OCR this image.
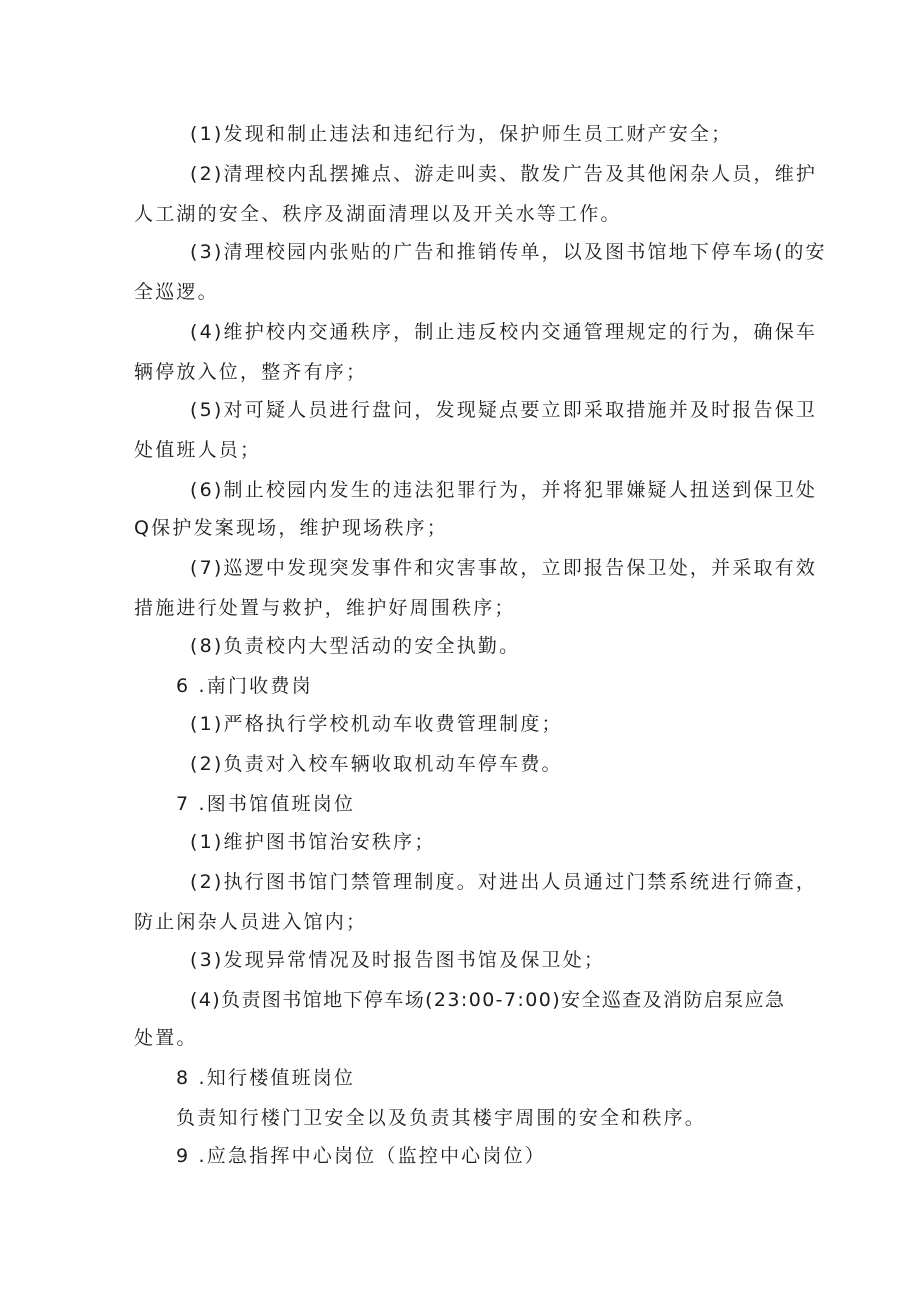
(1)发现和制止违法和违纪行为，保护师生员工财产安全；
(2)清理校内乱摆摊点、游走叫卖、散发广告及其他闲杂人员，维护
人工湖的安全、秩序及湖面清理以及开关水等工作。
(3)清理校园内张贴的广告和推销传单，以及图书馆地下停车场(的安
全巡逻。
(4)维护校内交通秩序，制止违反校内交通管理规定的行为，确保车
辆停放入位，整齐有序；
(5)对可疑人员进行盘问，发现疑点要立即采取措施并及时报告保卫
处值班人员；
(6)制止校园内发生的违法犯罪行为，并将犯罪嫌疑人扭送到保卫处
Q保护发案现场，维护现场秩序；
(7)巡逻中发现突发事件和灾害事故，立即报告保卫处，并采取有效
措施进行处置与救护，维护好周围秩序；
(8)负责校内大型活动的安全执勤。
6 .南门收费岗
(1)严格执行学校机动车收费管理制度；
(2)负责对入校车辆收取机动车停车费。
7 .图书馆值班岗位
(1)维护图书馆治安秩序；
(2)执行图书馆门禁管理制度。对进出人员通过门禁系统进行筛查，
防止闲杂人员进入馆内；
(3)发现异常情况及时报告图书馆及保卫处；
(4)负责图书馆地下停车场(23:00-7:00)安全巡查及消防启泵应急
处置。
8 .知行楼值班岗位
负责知行楼门卫安全以及负责其楼宇周围的安全和秩序。
9 .应急指挥中心岗位（监控中心岗位）
